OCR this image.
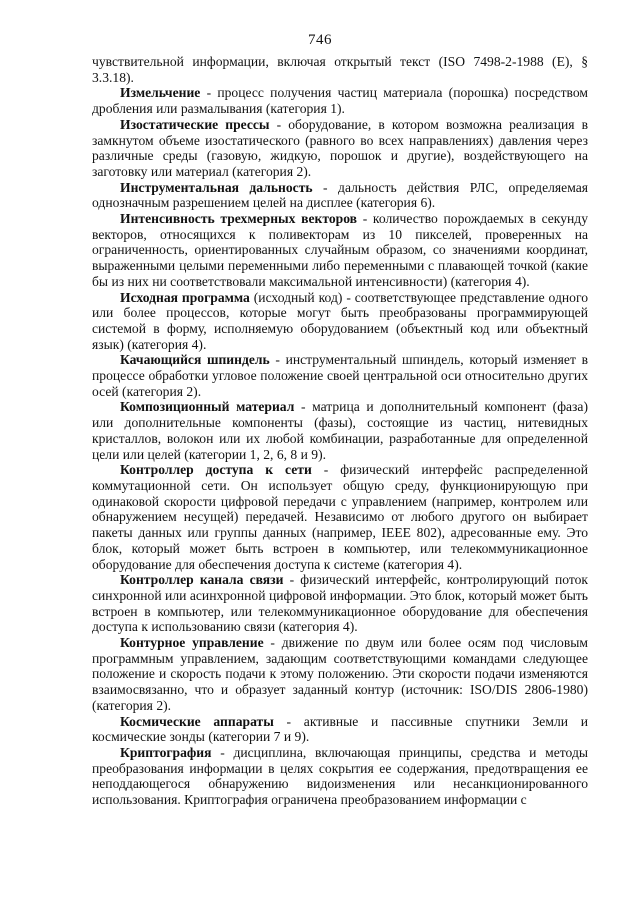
746

чувствительной информации, включая открытый текст (ISO 7498-2-1988 (Е), § 3.3.18).

Измельчение - процесс получения частиц материала (порошка) посредством дробления или размалывания (категория 1).

Изостатические прессы - оборудование, в котором возможна реализация в замкнутом объеме изостатического (равного во всех направлениях) давления через различные среды (газовую, жидкую, порошок и другие), воздействующего на заготовку или материал (категория 2).

Инструментальная дальность - дальность действия РЛС, определяемая однозначным разрешением целей на дисплее (категория 6).

Интенсивность трехмерных векторов - количество порождаемых в секунду векторов, относящихся к поливекторам из 10 пикселей, проверенных на ограниченность, ориентированных случайным образом, со значениями координат, выраженными целыми переменными либо переменными с плавающей точкой (какие бы из них ни соответствовали максимальной интенсивности) (категория 4).

Исходная программа (исходный код) - соответствующее представление одного или более процессов, которые могут быть преобразованы программирующей системой в форму, исполняемую оборудованием (объектный код или объектный язык) (категория 4).

Качающийся шпиндель - инструментальный шпиндель, который изменяет в процессе обработки угловое положение своей центральной оси относительно других осей (категория 2).

Композиционный материал - матрица и дополнительный компонент (фаза) или дополнительные компоненты (фазы), состоящие из частиц, нитевидных кристаллов, волокон или их любой комбинации, разработанные для определенной цели или целей (категории 1, 2, 6, 8 и 9).

Контроллер доступа к сети - физический интерфейс распределенной коммутационной сети. Он использует общую среду, функционирующую при одинаковой скорости цифровой передачи с управлением (например, контролем или обнаружением несущей) передачей. Независимо от любого другого он выбирает пакеты данных или группы данных (например, IEEE 802), адресованные ему. Это блок, который может быть встроен в компьютер, или телекоммуникационное оборудование для обеспечения доступа к системе (категория 4).

Контроллер канала связи - физический интерфейс, контролирующий поток синхронной или асинхронной цифровой информации. Это блок, который может быть встроен в компьютер, или телекоммуникационное оборудование для обеспечения доступа к использованию связи (категория 4).

Контурное управление - движение по двум или более осям под числовым программным управлением, задающим соответствующими командами следующее положение и скорость подачи к этому положению. Эти скорости подачи изменяются взаимосвязанно, что и образует заданный контур (источник: ISO/DIS 2806-1980) (категория 2).

Космические аппараты - активные и пассивные спутники Земли и космические зонды (категории 7 и 9).

Криптография - дисциплина, включающая принципы, средства и методы преобразования информации в целях сокрытия ее содержания, предотвращения ее неподдающегося обнаружению видоизменения или несанкционированного использования. Криптография ограничена преобразованием информации с
